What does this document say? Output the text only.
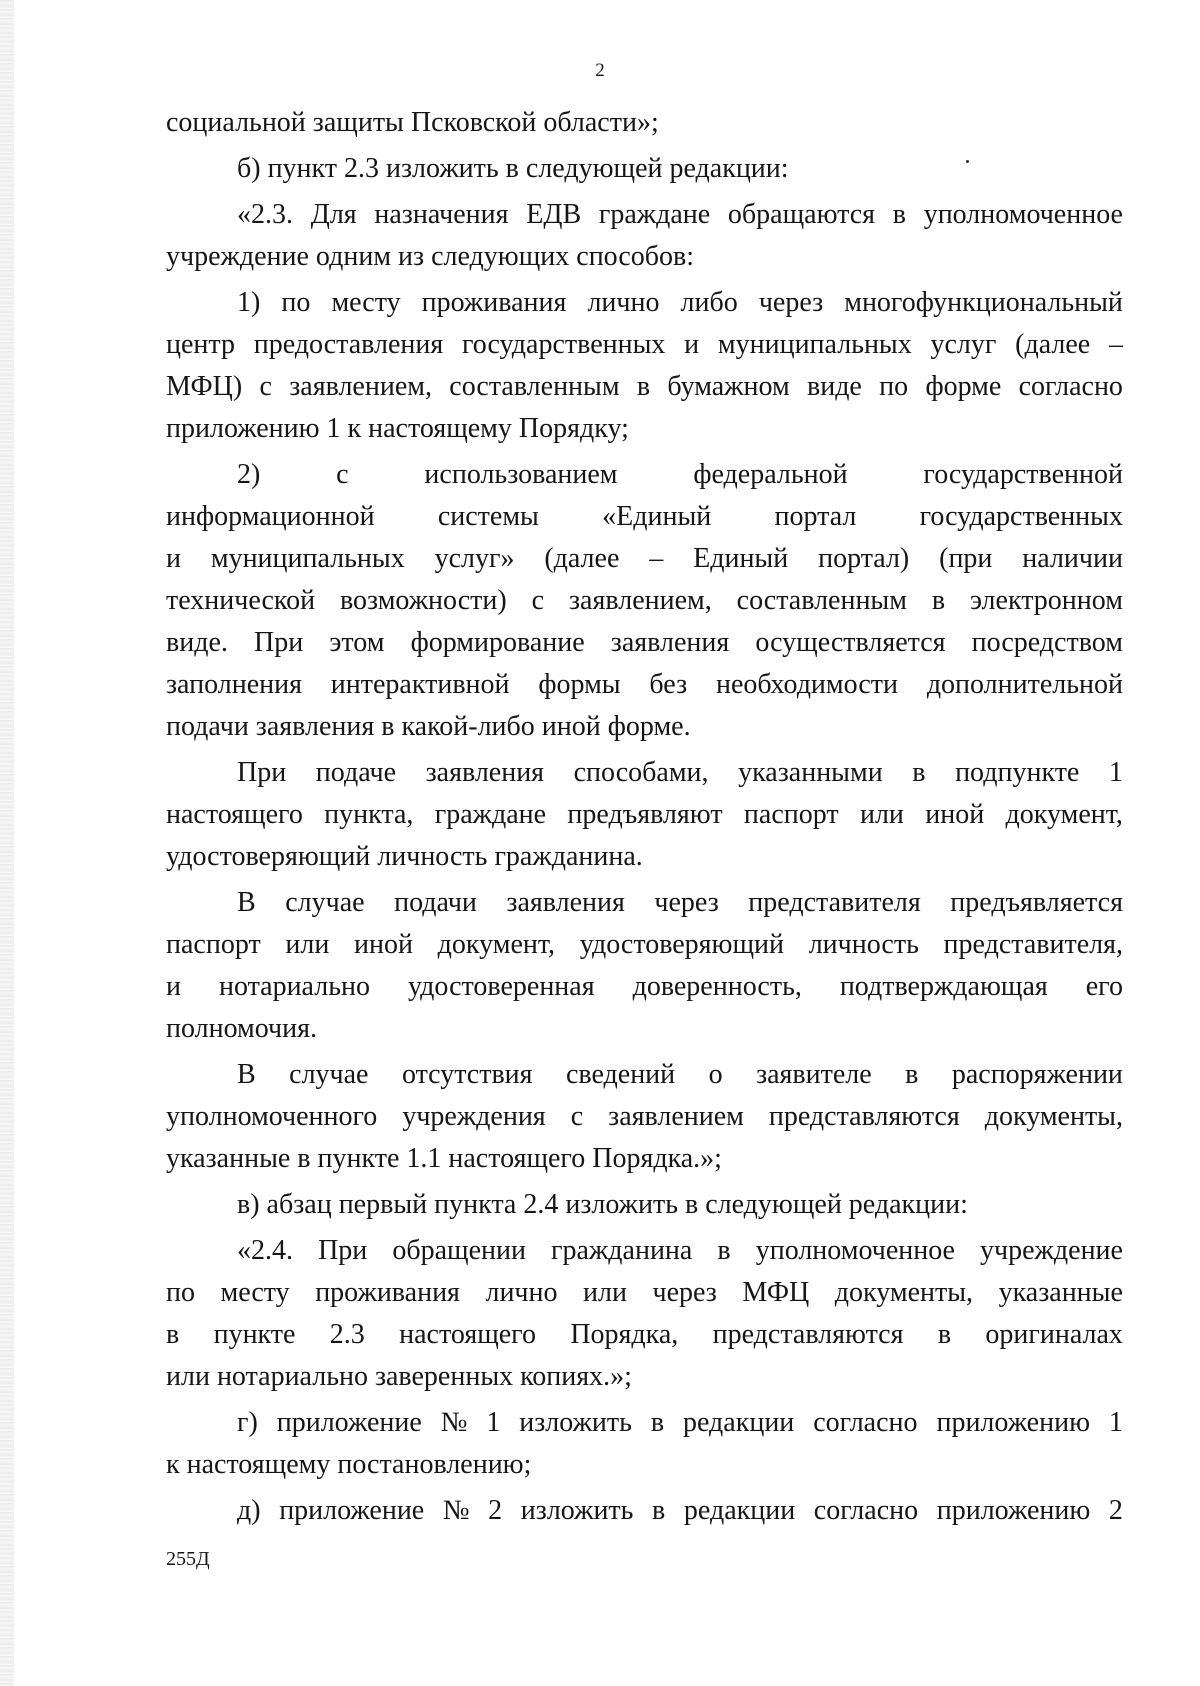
2
социальной защиты Псковской области»;
б) пункт 2.3 изложить в следующей редакции:
«2.3. Для назначения ЕДВ граждане обращаются в уполномоченное
учреждение одним из следующих способов:
1) по месту проживания лично либо через многофункциональный
центр предоставления государственных и муниципальных услуг (далее –
МФЦ) с заявлением, составленным в бумажном виде по форме согласно
приложению 1 к настоящему Порядку;
2)	с	использованием	федеральной	государственной
информационной системы «Единый портал государственных
и муниципальных услуг» (далее – Единый портал) (при наличии
технической возможности) с заявлением, составленным в электронном
виде. При этом формирование заявления осуществляется посредством
заполнения интерактивной формы без необходимости дополнительной
подачи заявления в какой-либо иной форме.
При подаче заявления способами, указанными в подпункте 1
настоящего пункта, граждане предъявляют паспорт или иной документ,
удостоверяющий личность гражданина.
В случае подачи заявления через представителя предъявляется
паспорт или иной документ, удостоверяющий личность представителя,
и нотариально удостоверенная доверенность, подтверждающая его
полномочия.
В случае отсутствия сведений о заявителе в распоряжении
уполномоченного учреждения с заявлением представляются документы,
указанные в пункте 1.1 настоящего Порядка.»;
в) абзац первый пункта 2.4 изложить в следующей редакции:
«2.4. При обращении гражданина в уполномоченное учреждение
по месту проживания лично или через МФЦ документы, указанные
в пункте 2.3 настоящего Порядка, представляются в оригиналах
или нотариально заверенных копиях.»;
г) приложение № 1 изложить в редакции согласно приложению 1
к настоящему постановлению;
д) приложение № 2 изложить в редакции согласно приложению 2
255Д
